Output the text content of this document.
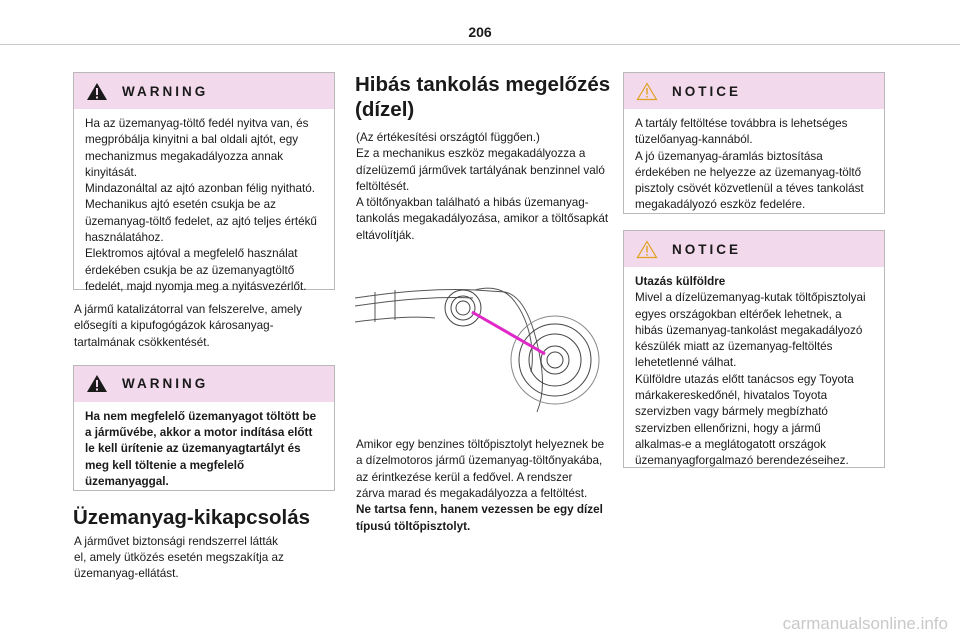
206
WARNING
Ha az üzemanyag-töltő fedél nyitva van, és
megpróbálja kinyitni a bal oldali ajtót, egy
mechanizmus megakadályozza annak
kinyitását.
Mindazonáltal az ajtó azonban félig nyitható.
Mechanikus ajtó esetén csukja be az
üzemanyag-töltő fedelet, az ajtó teljes értékű
használatához.
Elektromos ajtóval a megfelelő használat
érdekében csukja be az üzemanyagtöltő
fedelét, majd nyomja meg a nyitásvezérlőt.
A jármű katalizátorral van felszerelve, amely
elősegíti a kipufogógázok károsanyag-
tartalmának csökkentését.
WARNING
Ha nem megfelelő üzemanyagot töltött be
a járművébe, akkor a motor indítása előtt
le kell ürítenie az üzemanyagtartályt és
meg kell töltenie a megfelelő
üzemanyaggal.
Üzemanyag-kikapcsolás
A járművet biztonsági rendszerrel látták
el, amely ütközés esetén megszakítja az
üzemanyag-ellátást.
Hibás tankolás megelőzés
(dízel)
(Az értékesítési országtól függően.)
Ez a mechanikus eszköz megakadályozza a
dízelüzemű járművek tartályának benzinnel való
feltöltését.
A töltőnyakban található a hibás üzemanyag-
tankolás megakadályozása, amikor a töltősapkát
eltávolítják.
Amikor egy benzines töltőpisztolyt helyeznek be
a dízelmotoros jármű üzemanyag-töltőnyakába,
az érintkezése kerül a fedővel. A rendszer
zárva marad és megakadályozza a feltöltést.
Ne tartsa fenn, hanem vezessen be egy dízel
típusú töltőpisztolyt.
NOTICE
A tartály feltöltése továbbra is lehetséges
tüzelőanyag-kannából.
A jó üzemanyag-áramlás biztosítása
érdekében ne helyezze az üzemanyag-töltő
pisztoly csövét közvetlenül a téves tankolást
megakadályozó eszköz fedelére.
NOTICE
Utazás külföldre
Mivel a dízelüzemanyag-kutak töltőpisztolyai
egyes országokban eltérőek lehetnek, a
hibás üzemanyag-tankolást megakadályozó
készülék miatt az üzemanyag-feltöltés
lehetetlenné válhat.
Külföldre utazás előtt tanácsos egy Toyota
márkakereskedőnél, hivatalos Toyota
szervizben vagy bármely megbízható
szervizben ellenőrizni, hogy a jármű
alkalmas-e a meglátogatott országok
üzemanyagforgalmazó berendezéseihez.
carmanualsonline.info
